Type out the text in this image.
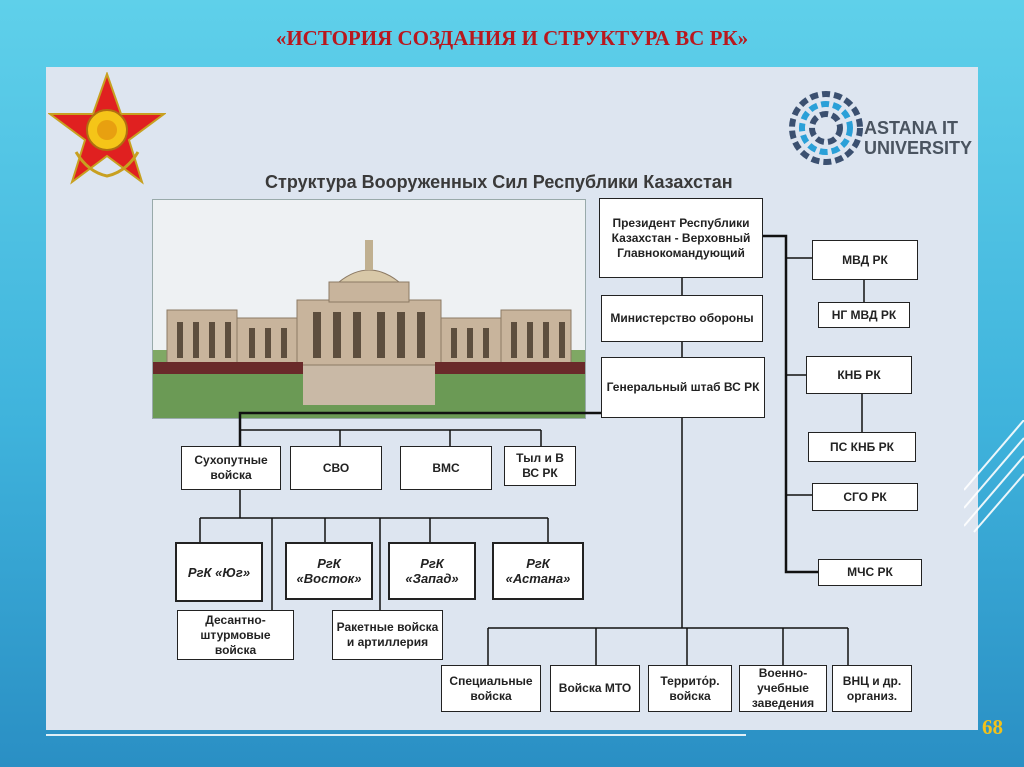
«ИСТОРИЯ СОЗДАНИЯ И СТРУКТУРА ВС РК»
ASTANA IT
UNIVERSITY
Структура Вооруженных Сил Республики Казахстан
Президент Республики Казахстан - Верховный Главнокомандующий
Министерство обороны
Генеральный штаб ВС РК
Сухопутные войска
СВО	ВМС
Тыл и В ВС РК
РгК «Юг»
РгК «Восток»
РгК «Запад»
РгК «Астана»
Десантно-штурмовые войска
Ракетные войска и артиллерия
Специальные войска
Войска МТО
Террито́р. войска
Военно-учебные заведения
ВНЦ и др. организ.
МВД РК
НГ МВД РК
КНБ РК
ПС КНБ РК
СГО РК
МЧС РК
68
